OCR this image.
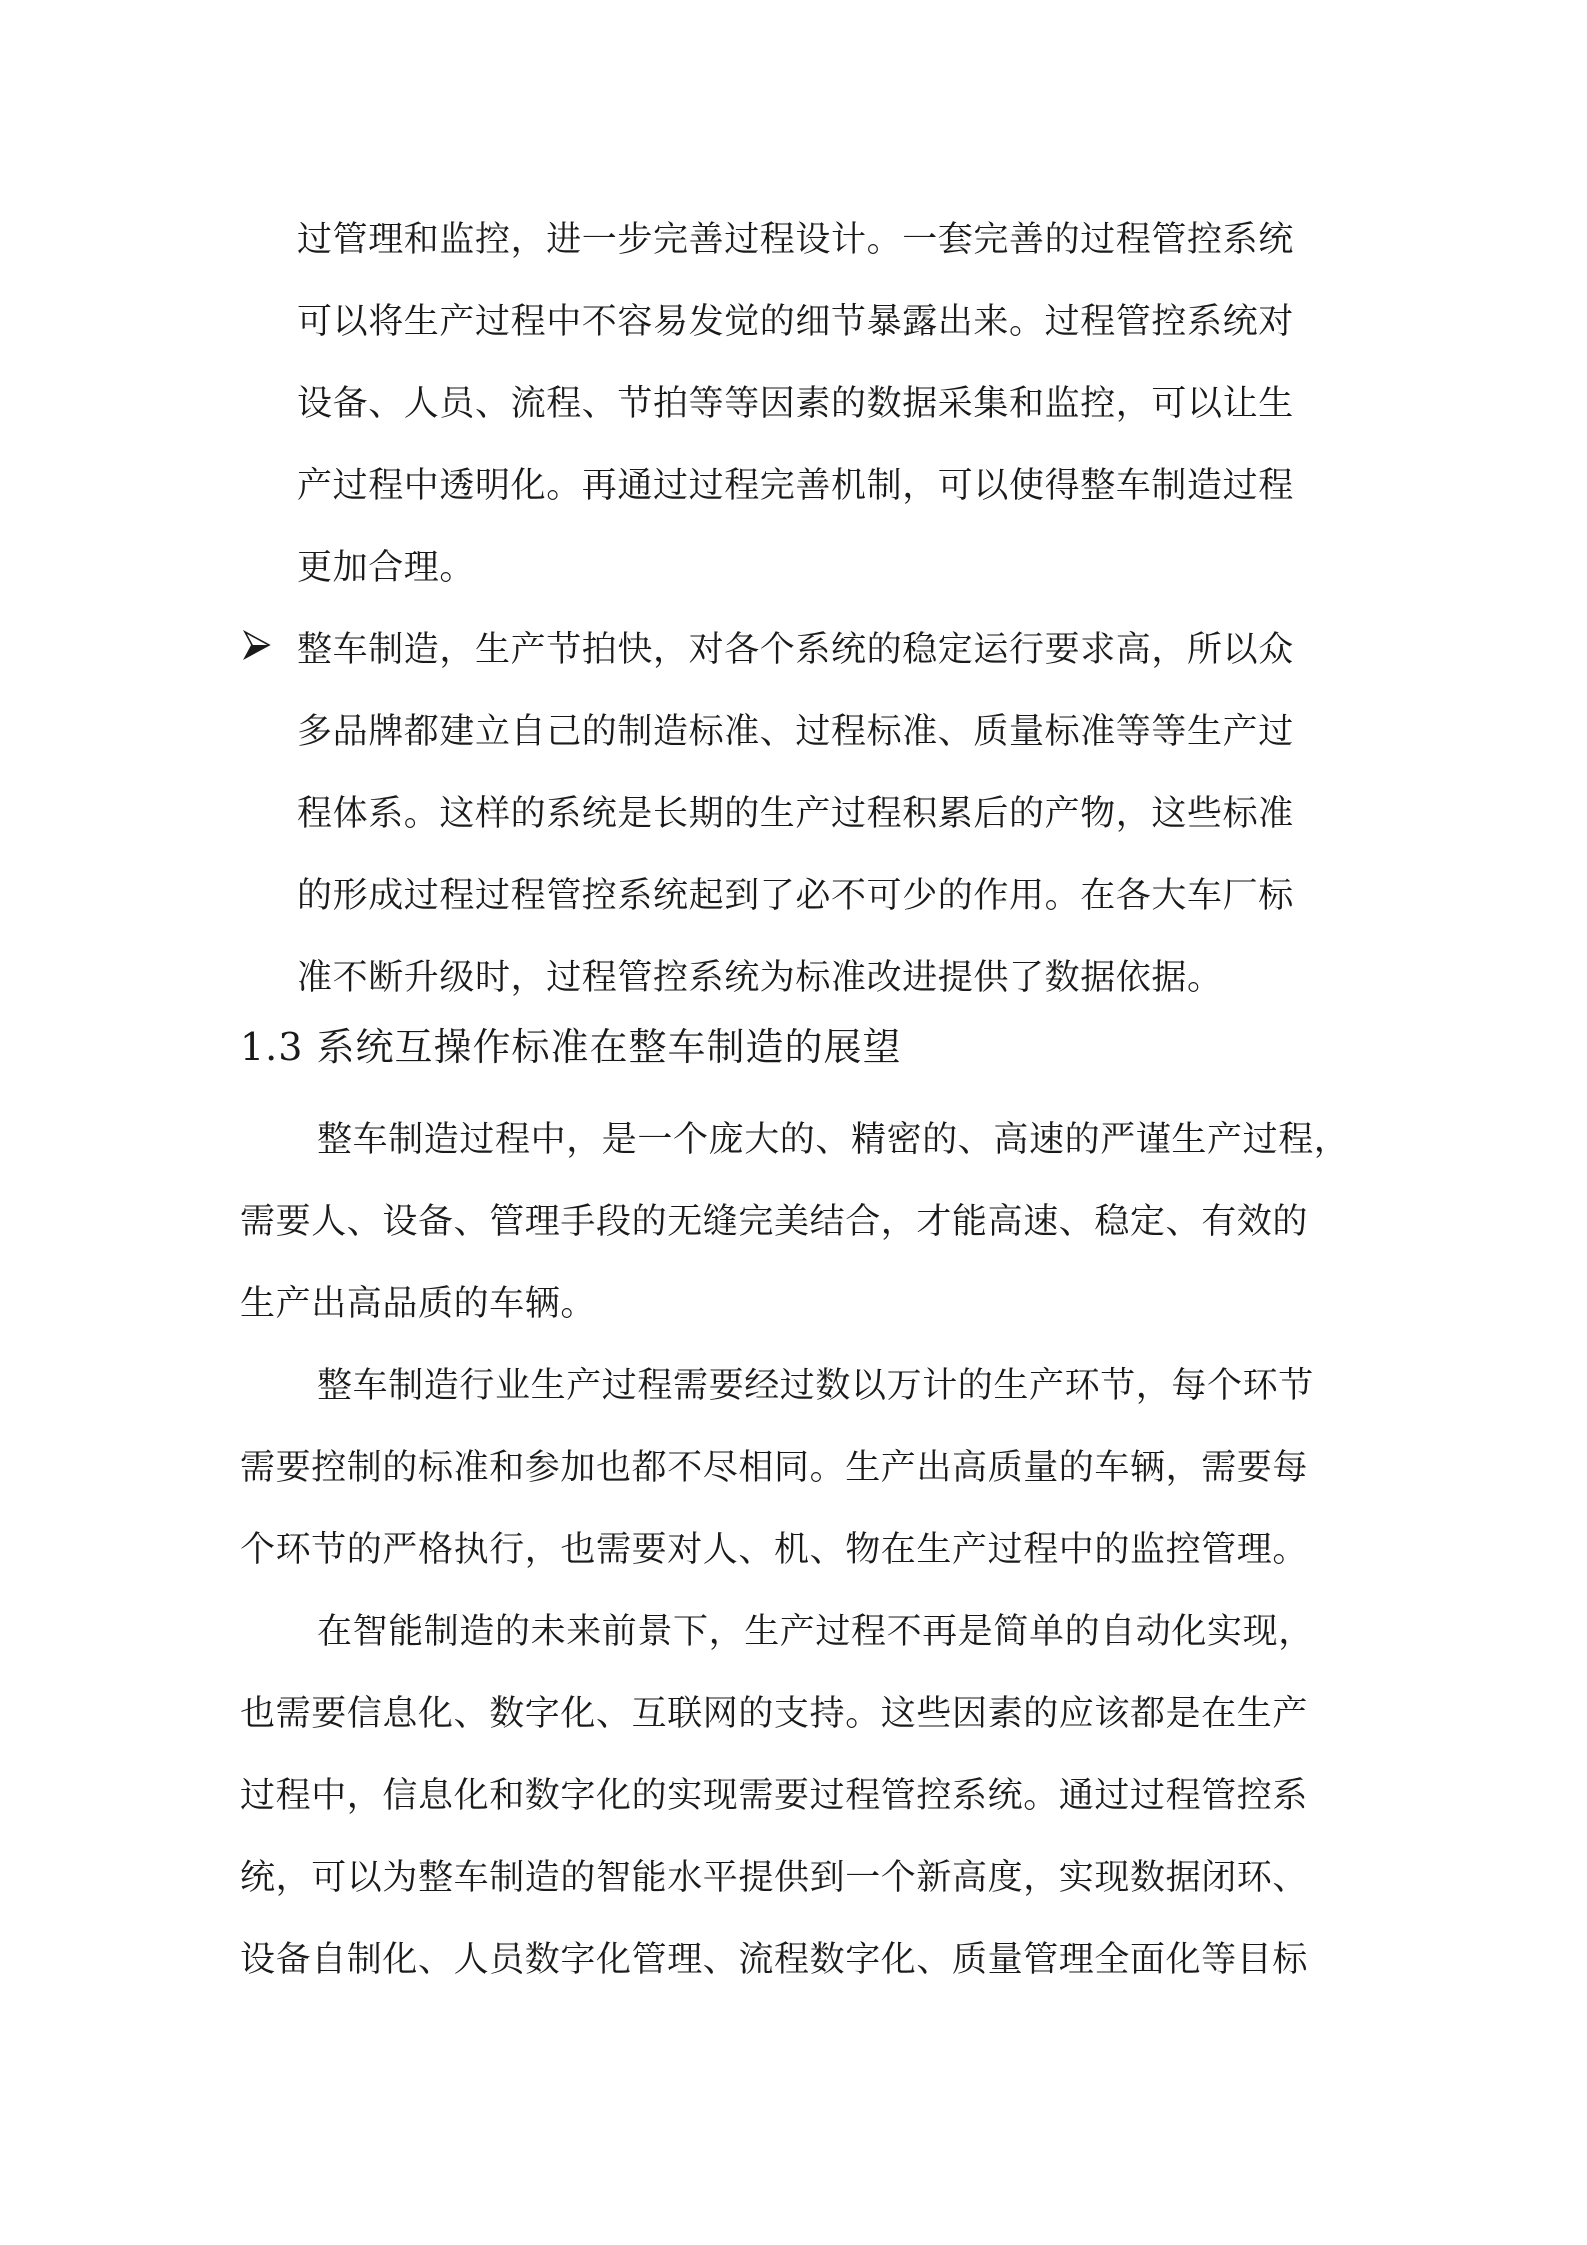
过管理和监控，进一步完善过程设计。一套完善的过程管控系统
可以将生产过程中不容易发觉的细节暴露出来。过程管控系统对
设备、人员、流程、节拍等等因素的数据采集和监控，可以让生
产过程中透明化。再通过过程完善机制，可以使得整车制造过程
更加合理。
整车制造，生产节拍快，对各个系统的稳定运行要求高，所以众
多品牌都建立自己的制造标准、过程标准、质量标准等等生产过
程体系。这样的系统是长期的生产过程积累后的产物，这些标准
的形成过程过程管控系统起到了必不可少的作用。在各大车厂标
准不断升级时，过程管控系统为标准改进提供了数据依据。
1.3 系统互操作标准在整车制造的展望
整车制造过程中，是一个庞大的、精密的、高速的严谨生产过程，
需要人、设备、管理手段的无缝完美结合，才能高速、稳定、有效的
生产出高品质的车辆。
整车制造行业生产过程需要经过数以万计的生产环节，每个环节
需要控制的标准和参加也都不尽相同。生产出高质量的车辆，需要每
个环节的严格执行，也需要对人、机、物在生产过程中的监控管理。
在智能制造的未来前景下，生产过程不再是简单的自动化实现，
也需要信息化、数字化、互联网的支持。这些因素的应该都是在生产
过程中，信息化和数字化的实现需要过程管控系统。通过过程管控系
统，可以为整车制造的智能水平提供到一个新高度，实现数据闭环、
设备自制化、人员数字化管理、流程数字化、质量管理全面化等目标
